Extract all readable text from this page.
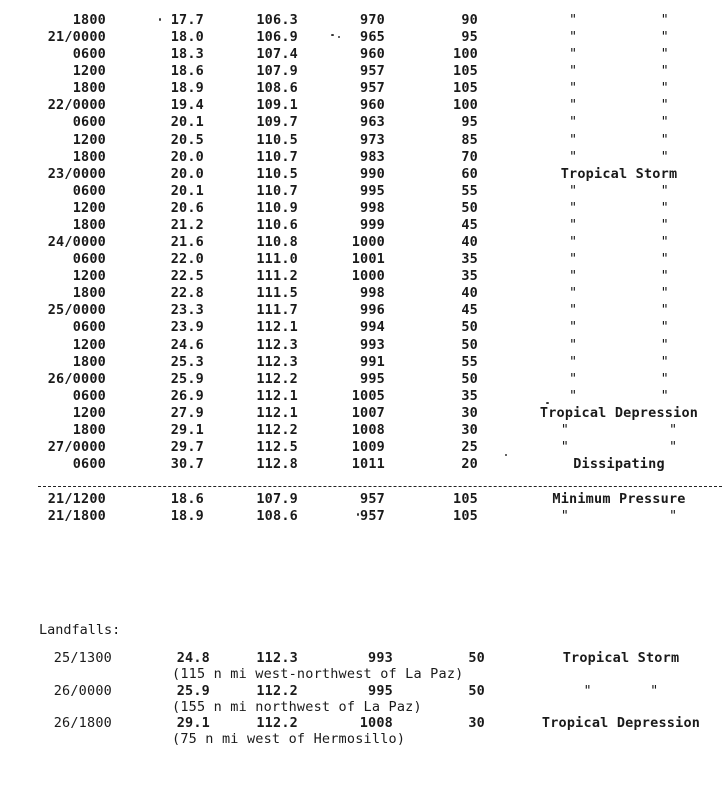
1800	17.7	106.3	970	90	"          "
21/0000	18.0	106.9	965	95	"          "
0600	18.3	107.4	960	100	"          "
1200	18.6	107.9	957	105	"          "
1800	18.9	108.6	957	105	"          "
22/0000	19.4	109.1	960	100	"          "
0600	20.1	109.7	963	95	"          "
1200	20.5	110.5	973	85	"          "
1800	20.0	110.7	983	70	"          "
23/0000	20.0	110.5	990	60	Tropical Storm
0600	20.1	110.7	995	55	"          "
1200	20.6	110.9	998	50	"          "
1800	21.2	110.6	999	45	"          "
24/0000	21.6	110.8	1000	40	"          "
0600	22.0	111.0	1001	35	"          "
1200	22.5	111.2	1000	35	"          "
1800	22.8	111.5	998	40	"          "
25/0000	23.3	111.7	996	45	"          "
0600	23.9	112.1	994	50	"          "
1200	24.6	112.3	993	50	"          "
1800	25.3	112.3	991	55	"          "
26/0000	25.9	112.2	995	50	"          "
0600	26.9	112.1	1005	35	"          "
1200	27.9	112.1	1007	30	Tropical Depression
1800	29.1	112.2	1008	30	"            "
27/0000	29.7	112.5	1009	25	"            "
0600	30.7	112.8	1011	20	Dissipating
21/1200	18.6	107.9	957	105	Minimum Pressure
21/1800	18.9	108.6	957	105	"            "
Landfalls:
25/1300	24.8	112.3	993	50	Tropical Storm
(115 n mi west-northwest of La Paz)
26/0000	25.9	112.2	995	50	"       "
(155 n mi northwest of La Paz)
26/1800	29.1	112.2	1008	30	Tropical Depression
(75 n mi west of Hermosillo)
